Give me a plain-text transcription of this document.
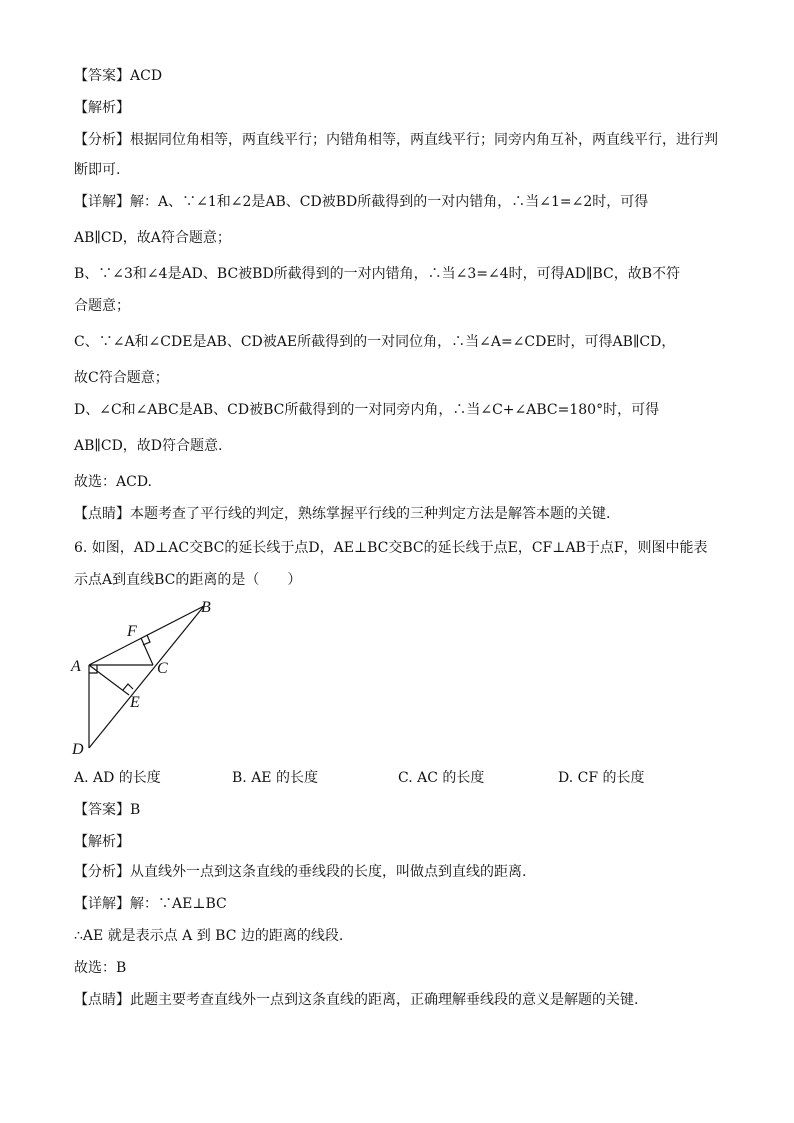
【答案】ACD
【解析】
【分析】根据同位角相等，两直线平行；内错角相等，两直线平行；同旁内角互补，两直线平行，进行判
断即可.
【详解】解：A、∵∠1和∠2是AB、CD被BD所截得到的一对内错角，∴当∠1=∠2时，可得
AB∥CD，故A符合题意；
B、∵∠3和∠4是AD、BC被BD所截得到的一对内错角，∴当∠3=∠4时，可得AD∥BC，故B不符
合题意；
C、∵∠A和∠CDE是AB、CD被AE所截得到的一对同位角，∴当∠A=∠CDE时，可得AB∥CD，
故C符合题意；
D、∠C和∠ABC是AB、CD被BC所截得到的一对同旁内角，∴当∠C+∠ABC=180°时，可得
AB∥CD，故D符合题意.
故选：ACD.
【点睛】本题考查了平行线的判定，熟练掌握平行线的三种判定方法是解答本题的关键.
6. 如图，AD⊥AC交BC的延长线于点D，AE⊥BC交BC的延长线于点E，CF⊥AB于点F，则图中能表
示点A到直线BC的距离的是（　　）
B
F
A	C
E
D
A. AD 的长度	B. AE 的长度	C. AC 的长度	D. CF 的长度
【答案】B
【解析】
【分析】从直线外一点到这条直线的垂线段的长度，叫做点到直线的距离.
【详解】解：∵AE⊥BC
∴AE 就是表示点 A 到 BC 边的距离的线段.
故选：B
【点睛】此题主要考查直线外一点到这条直线的距离，正确理解垂线段的意义是解题的关键.
